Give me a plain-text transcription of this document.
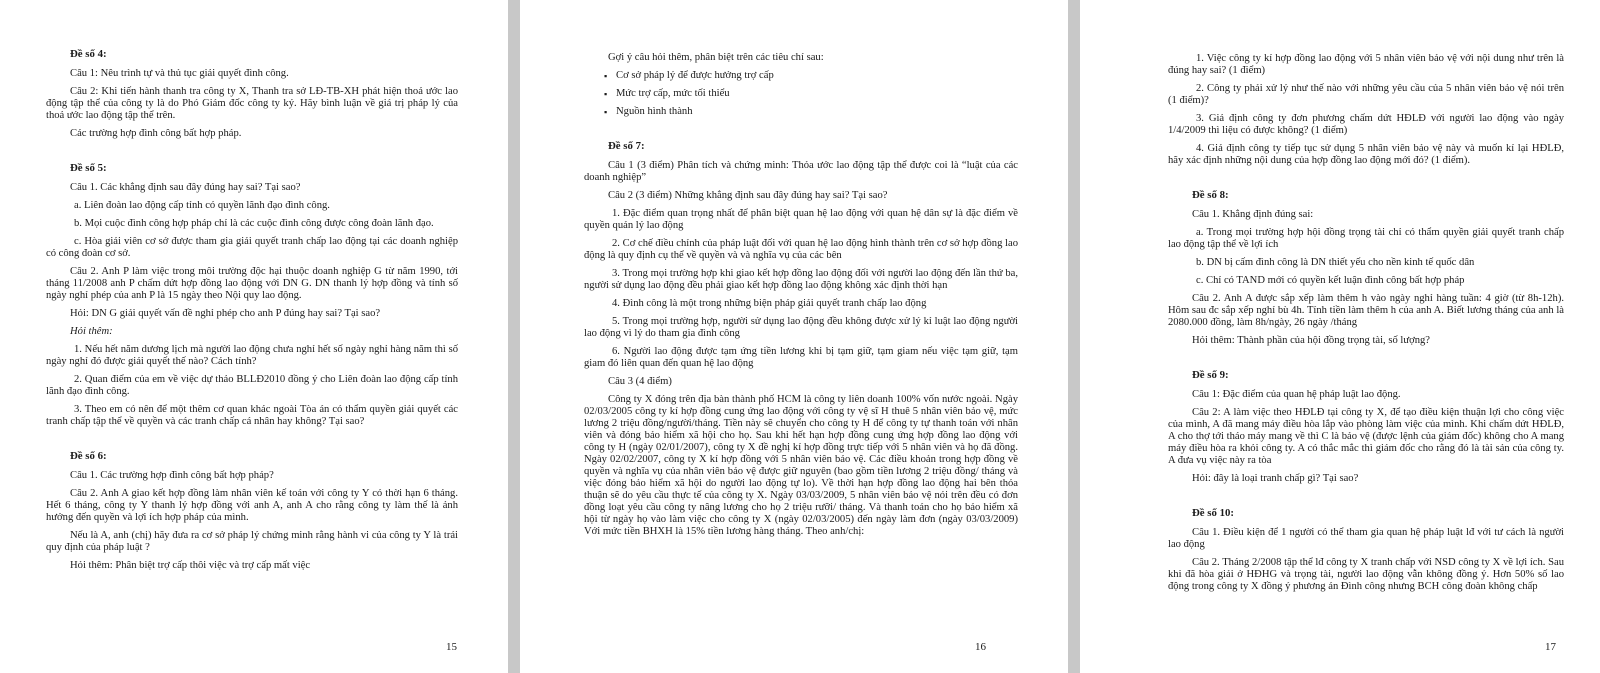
Đề số 4:
Câu 1: Nêu trình tự và thủ tục giải quyết đình công.
Câu 2: Khi tiến hành thanh tra công ty X, Thanh tra sở LĐ-TB-XH phát hiện thoả ước lao động tập thể của công ty là do Phó Giám đốc công ty ký. Hãy bình luận về giá trị pháp lý của thoả ước lao động tập thể trên.
Các trường hợp đình công bất hợp pháp.
Đề số 5:
Câu 1. Các khẳng định sau đây đúng hay sai? Tại sao?
a. Liên đoàn lao động cấp tỉnh có quyền lãnh đạo đình công.
b. Mọi cuộc đình công hợp pháp chỉ là các cuộc đình công được công đoàn lãnh đạo.
c. Hòa giải viên cơ sở được tham gia giải quyết tranh chấp lao động tại các doanh nghiệp có công đoàn cơ sở.
Câu 2. Anh P làm việc trong môi trường độc hại thuộc doanh nghiệp G từ năm 1990, tới tháng 11/2008 anh P chấm dứt hợp đồng lao động với DN G. DN thanh lý hợp đồng và tính số ngày nghỉ phép của anh P là 15 ngày theo Nội quy lao động.
Hỏi: DN G giải quyết vấn đề nghỉ phép cho anh P đúng hay sai? Tại sao?
Hỏi thêm:
1. Nếu hết năm dương lịch mà người lao động chưa nghỉ hết số ngày nghỉ hàng năm thì số ngày nghỉ đó được giải quyết thế nào? Cách tính?
2. Quan điểm của em về việc dự thảo BLLĐ2010 đồng ý cho Liên đoàn lao động cấp tỉnh lãnh đạo đình công.
3. Theo em có nên để một thêm cơ quan khác ngoài Tòa án có thẩm quyền giải quyết các tranh chấp tập thể về quyền và các tranh chấp cá nhân hay không? Tại sao?
Đề số 6:
Câu 1. Các trường hợp đình công bất hợp pháp?
Câu 2. Anh A giao kết hợp đồng làm nhân viên kế toán với công ty Y có thời hạn 6 tháng. Hết 6 tháng, công ty Y thanh lý hợp đồng với anh A, anh A cho rằng công ty làm thế là ảnh hưởng đến quyền và lợi ích hợp pháp của mình.
Nếu là A, anh (chị) hãy đưa ra cơ sở pháp lý chứng minh rằng hành vi của công ty Y là trái quy định của pháp luật ?
Hỏi thêm: Phân biệt trợ cấp thôi việc và trợ cấp mất việc
15
Gợi ý câu hỏi thêm, phân biệt trên các tiêu chí sau:
▪ Cơ sở pháp lý để được hưởng trợ cấp
▪ Mức trợ cấp, mức tối thiểu
▪ Nguồn hình thành
Đề số 7:
Câu 1 (3 điểm) Phân tích và chứng minh: Thỏa ước lao động tập thể được coi là “luật của các doanh nghiệp”
Câu 2 (3 điểm) Những khẳng định sau đây đúng hay sai? Tại sao?
1. Đặc điểm quan trọng nhất để phân biệt quan hệ lao động với quan hệ dân sự là đặc điểm về quyền quản lý lao động
2. Cơ chế điều chỉnh của pháp luật đối với quan hệ lao động hình thành trên cơ sở hợp đồng lao động là quy định cụ thể về quyền và và nghĩa vụ của các bên
3. Trong mọi trường hợp khi giao kết hợp đồng lao động đối với người lao động đến lần thứ ba, người sử dụng lao động đều phải giao kết hợp đồng lao động không xác định thời hạn
4. Đình công là một trong những biện pháp giải quyết tranh chấp lao động
5. Trong mọi trường hợp, người sử dụng lao động đều không được xử lý kỉ luật lao động người lao động vì lý do tham gia đình công
6. Người lao động được tạm ứng tiền lương khi bị tạm giữ, tạm giam nếu việc tạm giữ, tạm giam đó liên quan đến quan hệ lao động
Câu 3 (4 điểm)
Công ty X đóng trên địa bàn thành phố HCM là công ty liên doanh 100% vốn nước ngoài. Ngày 02/03/2005 công ty kí hợp đồng cung ứng lao động với công ty vệ sĩ H thuê 5 nhân viên bảo vệ, mức lương 2 triệu đồng/người/tháng. Tiền này sẽ chuyển cho công ty H để công ty tự thanh toán với nhân viên và đóng bảo hiểm xã hội cho họ. Sau khi hết hạn hợp đồng cung ứng hợp đồng lao động với công ty H (ngày 02/01/2007), công ty X đề nghị kí hợp đồng trực tiếp với 5 nhân viên và họ đã đồng. Ngày 02/02/2007, công ty X kí hợp đồng với 5 nhân viên bảo vệ. Các điều khoản trong hợp đồng về quyền và nghĩa vụ của nhân viên bảo vệ được giữ nguyên (bao gồm tiền lương 2 triệu đồng/ tháng và việc đóng bảo hiểm xã hội do người lao động tự lo). Về thời hạn hợp đồng lao động hai bên thỏa thuận sẽ do yêu cầu thực tế của công ty X. Ngày 03/03/2009, 5 nhân viên bảo vệ nói trên đều có đơn đồng loạt yêu cầu công ty nâng lương cho họ 2 triệu rưỡi/ tháng. Và thanh toán cho họ bảo hiểm xã hội từ ngày họ vào làm việc cho công ty X (ngày 02/03/2005) đến ngày làm đơn (ngày 03/03/2009) Với mức tiền BHXH là 15% tiền lương hàng tháng. Theo anh/chị:
16
1. Việc công ty kí hợp đồng lao động với 5 nhân viên bảo vệ với nội dung như trên là đúng hay sai? (1 điểm)
2. Công ty phải xử lý như thế nào với những yêu cầu của 5 nhân viên bảo vệ nói trên (1 điểm)?
3. Giả định công ty đơn phương chấm dứt HĐLĐ với người lao động vào ngày 1/4/2009 thì liệu có được không? (1 điểm)
4. Giả định công ty tiếp tục sử dụng 5 nhân viên bảo vệ này và muốn kí lại HĐLĐ, hãy xác định những nội dung của hợp đồng lao động mới đó? (1 điểm).
Đề số 8:
Câu 1. Khẳng định đúng sai:
a. Trong mọi trường hợp hội đồng trọng tài chỉ có thẩm quyền giải quyết tranh chấp lao động tập thể về lợi ích
b. DN bị cấm đình công là DN thiết yếu cho nền kinh tế quốc dân
c. Chỉ có TAND mới có quyền kết luận đình công bất hợp pháp
Câu 2. Anh A được sắp xếp làm thêm h vào ngày nghỉ hàng tuần: 4 giờ (từ 8h-12h). Hôm sau đc sắp xếp nghỉ bù 4h. Tính tiền làm thêm h của anh A. Biết lương tháng của anh là 2080.000 đồng, làm 8h/ngày, 26 ngày /tháng
Hỏi thêm: Thành phần của hội đồng trọng tài, số lượng?
Đề số 9:
Câu 1: Đặc điểm của quan hệ pháp luật lao động.
Câu 2: A làm việc theo HĐLĐ tại công ty X, để tạo điều kiện thuận lợi cho công việc của mình, A đã mang máy điều hòa lắp vào phòng làm việc của mình. Khi chấm dứt HĐLĐ, A cho thợ tới tháo máy mang về thì C là bảo vệ (được lệnh của giám đốc) không cho A mang máy điều hòa ra khỏi công ty. A có thắc mắc thì giám đốc cho rằng đó là tài sản của công ty. A đưa vụ việc này ra tòa
Hỏi: đây là loại tranh chấp gì? Tại sao?
Đề số 10:
Câu 1. Điều kiện để 1 người có thể tham gia quan hệ pháp luật lđ với tư cách là người lao động
Câu 2. Tháng 2/2008 tập thể lđ công ty X tranh chấp với NSD công ty X về lợi ích. Sau khi đã hòa giải ở HĐHG và trọng tài, người lao động vẫn không đồng ý. Hơn 50% số lao động trong công ty X đồng ý phương án Đình công nhưng BCH công đoàn không chấp
17
